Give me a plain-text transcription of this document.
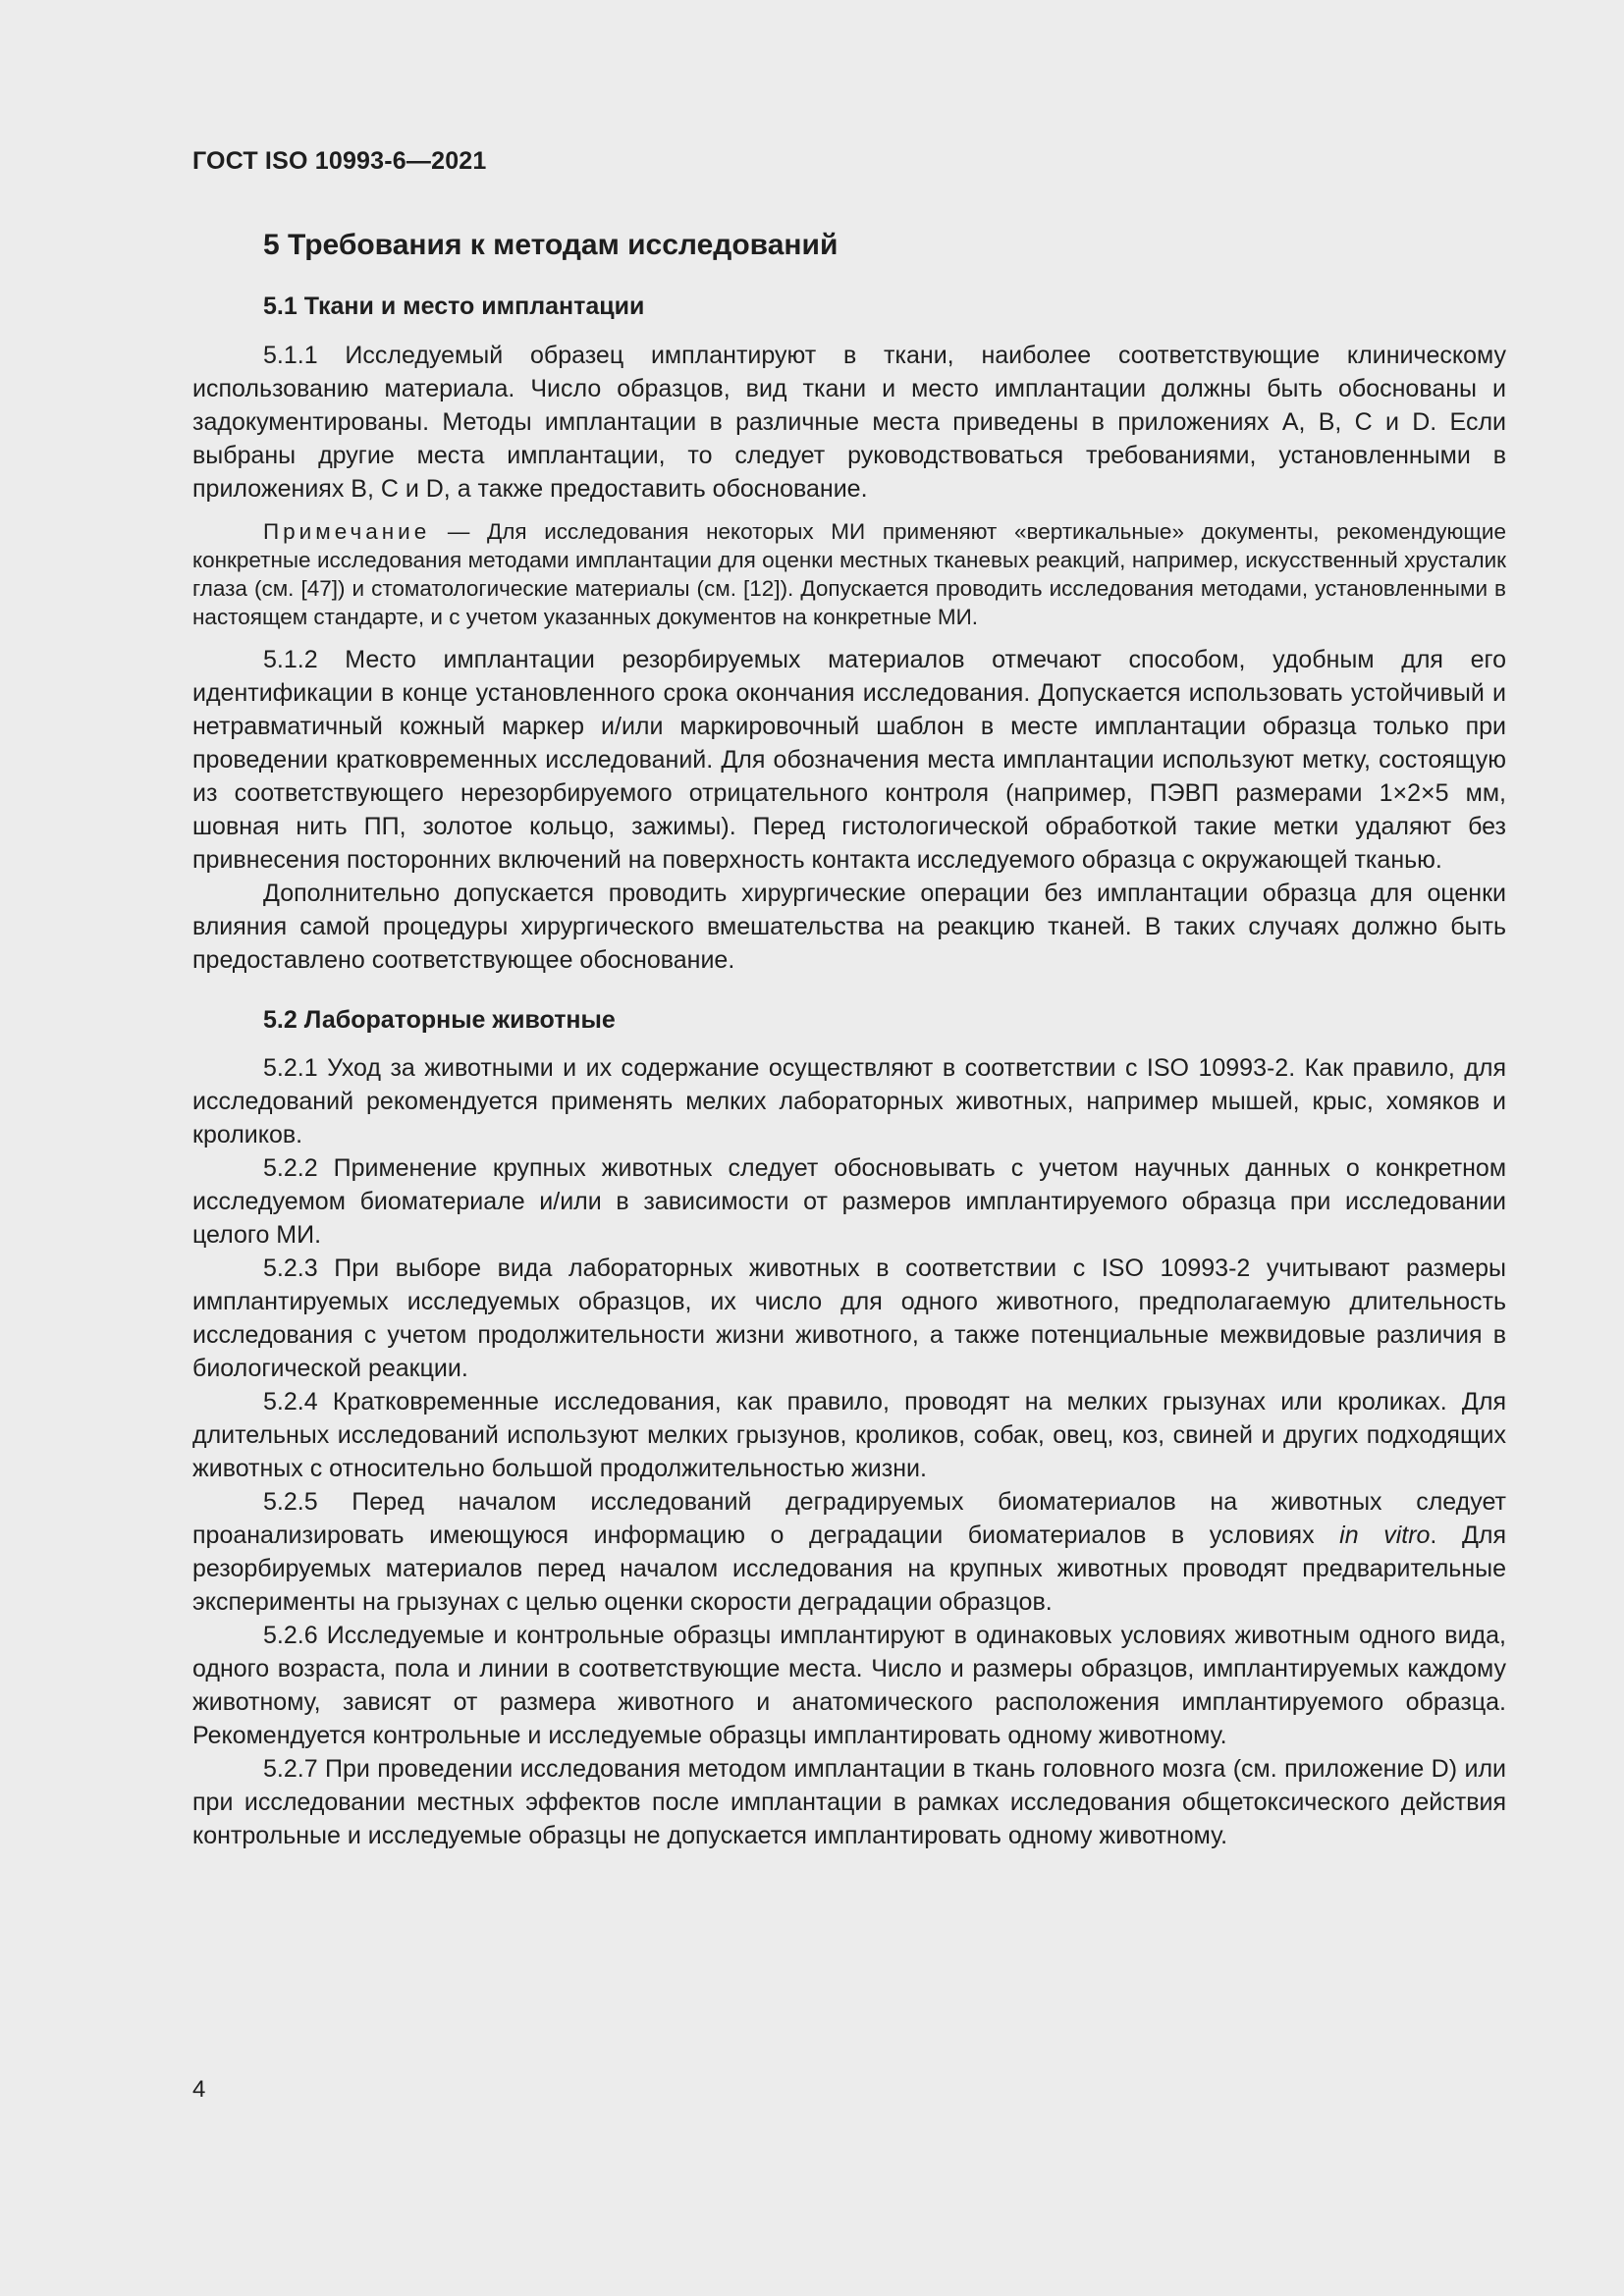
ГОСТ ISO 10993-6—2021
5 Требования к методам исследований
5.1 Ткани и место имплантации

5.1.1 Исследуемый образец имплантируют в ткани, наиболее соответствующие клиническому использованию материала. Число образцов, вид ткани и место имплантации должны быть обоснованы и задокументированы. Методы имплантации в различные места приведены в приложениях А, В, С и D. Если выбраны другие места имплантации, то следует руководствоваться требованиями, установленными в приложениях В, С и D, а также предоставить обоснование.

Примечание — Для исследования некоторых МИ применяют «вертикальные» документы, рекомендующие конкретные исследования методами имплантации для оценки местных тканевых реакций, например, искусственный хрусталик глаза (см. [47]) и стоматологические материалы (см. [12]). Допускается проводить исследования методами, установленными в настоящем стандарте, и с учетом указанных документов на конкретные МИ.

5.1.2 Место имплантации резорбируемых материалов отмечают способом, удобным для его идентификации в конце установленного срока окончания исследования. Допускается использовать устойчивый и нетравматичный кожный маркер и/или маркировочный шаблон в месте имплантации образца только при проведении кратковременных исследований. Для обозначения места имплантации используют метку, состоящую из соответствующего нерезорбируемого отрицательного контроля (например, ПЭВП размерами 1×2×5 мм, шовная нить ПП, золотое кольцо, зажимы). Перед гистологической обработкой такие метки удаляют без привнесения посторонних включений на поверхность контакта исследуемого образца с окружающей тканью.

Дополнительно допускается проводить хирургические операции без имплантации образца для оценки влияния самой процедуры хирургического вмешательства на реакцию тканей. В таких случаях должно быть предоставлено соответствующее обоснование.

5.2 Лабораторные животные

5.2.1 Уход за животными и их содержание осуществляют в соответствии с ISO 10993-2. Как правило, для исследований рекомендуется применять мелких лабораторных животных, например мышей, крыс, хомяков и кроликов.

5.2.2 Применение крупных животных следует обосновывать с учетом научных данных о конкретном исследуемом биоматериале и/или в зависимости от размеров имплантируемого образца при исследовании целого МИ.

5.2.3 При выборе вида лабораторных животных в соответствии с ISO 10993-2 учитывают размеры имплантируемых исследуемых образцов, их число для одного животного, предполагаемую длительность исследования с учетом продолжительности жизни животного, а также потенциальные межвидовые различия в биологической реакции.

5.2.4 Кратковременные исследования, как правило, проводят на мелких грызунах или кроликах. Для длительных исследований используют мелких грызунов, кроликов, собак, овец, коз, свиней и других подходящих животных с относительно большой продолжительностью жизни.

5.2.5 Перед началом исследований деградируемых биоматериалов на животных следует проанализировать имеющуюся информацию о деградации биоматериалов в условиях in vitro. Для резорбируемых материалов перед началом исследования на крупных животных проводят предварительные эксперименты на грызунах с целью оценки скорости деградации образцов.

5.2.6 Исследуемые и контрольные образцы имплантируют в одинаковых условиях животным одного вида, одного возраста, пола и линии в соответствующие места. Число и размеры образцов, имплантируемых каждому животному, зависят от размера животного и анатомического расположения имплантируемого образца. Рекомендуется контрольные и исследуемые образцы имплантировать одному животному.

5.2.7 При проведении исследования методом имплантации в ткань головного мозга (см. приложение D) или при исследовании местных эффектов после имплантации в рамках исследования общетоксического действия контрольные и исследуемые образцы не допускается имплантировать одному животному.

4
